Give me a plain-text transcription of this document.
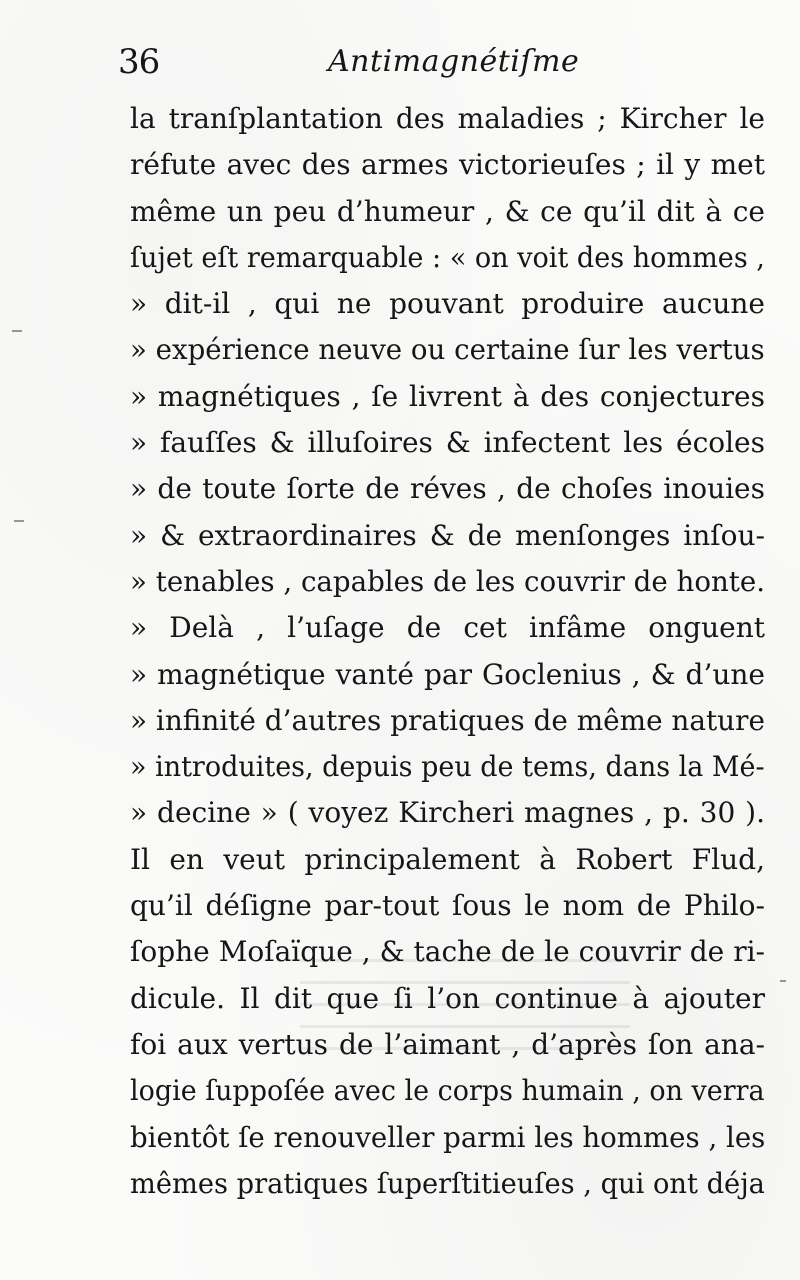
36	Antimagnétiſme
la tranſplantation des maladies ; Kircher le
réfute avec des armes victorieuſes ; il y met
même un peu d’humeur , & ce qu’il dit à ce
ſujet eſt remarquable : « on voit des hommes ,
» dit-il , qui ne pouvant produire aucune
» expérience neuve ou certaine ſur les vertus
» magnétiques , ſe livrent à des conjectures
» fauſſes & illuſoires & infectent les écoles
» de toute ſorte de réves , de choſes inouies
» & extraordinaires & de menſonges inſou-
» tenables , capables de les couvrir de honte.
» Delà , l’uſage de cet infâme onguent
» magnétique vanté par Goclenius , & d’une
» infinité d’autres pratiques de même nature
» introduites, depuis peu de tems, dans la Mé-
» decine » ( voyez Kircheri magnes , p. 30 ).
Il en veut principalement à Robert Flud,
qu’il déſigne par-tout ſous le nom de Philo-
ſophe Moſaïque , & tache de le couvrir de ri-
dicule. Il dit que ſi l’on continue à ajouter
foi aux vertus de l’aimant , d’après ſon ana-
logie ſuppoſée avec le corps humain , on verra
bientôt ſe renouveller parmi les hommes , les
mêmes pratiques ſuperſtitieuſes , qui ont déja
